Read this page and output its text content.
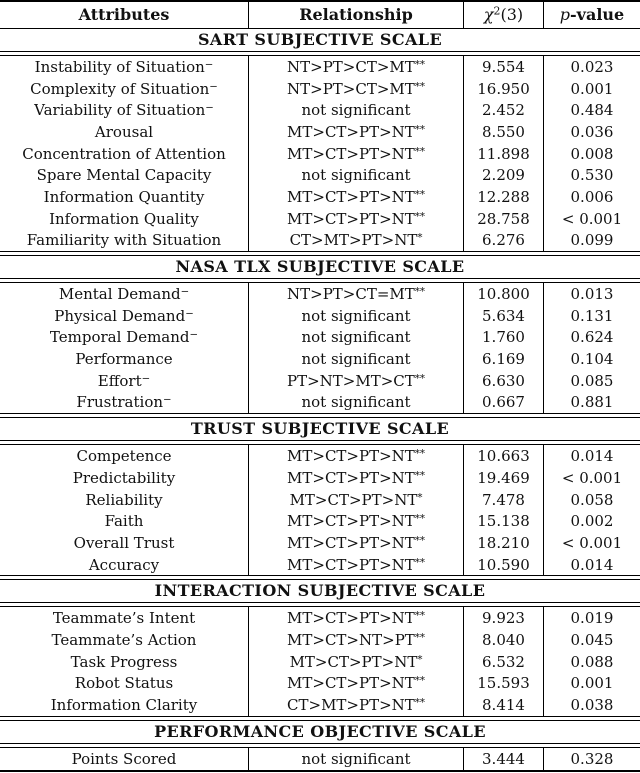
Attributes	Relationship	$\chi^2(3)$ p-value
SART SUBJECTIVE SCALE
Instability of Situation−	NT>PT>CT>MT**	9.554	0.023
Complexity of Situation−	NT>PT>CT>MT**	16.950	0.001
Variability of Situation−	not significant	2.452	0.484
Arousal	MT>CT>PT>NT**	8.550	0.036
Concentration of Attention	MT>CT>PT>NT**	11.898	0.008
Spare Mental Capacity	not significant	2.209	0.530
Information Quantity	MT>CT>PT>NT**	12.288	0.006
Information Quality	MT>CT>PT>NT**	28.758 < 0.001
Familiarity with Situation	CT>MT>PT>NT*	6.276	0.099
NASA TLX SUBJECTIVE SCALE
Mental Demand−	NT>PT>CT=MT**	10.800	0.013
Physical Demand−	not significant	5.634	0.131
Temporal Demand−	not significant	1.760	0.624
Performance	not significant	6.169	0.104
Effort−	PT>NT>MT>CT**	6.630	0.085
Frustration−	not significant	0.667	0.881
TRUST SUBJECTIVE SCALE
Competence	MT>CT>PT>NT**	10.663	0.014
Predictability	MT>CT>PT>NT**	19.469 < 0.001
Reliability	MT>CT>PT>NT*	7.478	0.058
Faith	MT>CT>PT>NT**	15.138	0.002
Overall Trust	MT>CT>PT>NT**	18.210 < 0.001
Accuracy	MT>CT>PT>NT**	10.590	0.014
INTERACTION SUBJECTIVE SCALE
Teammate’s Intent	MT>CT>PT>NT**	9.923	0.019
Teammate’s Action	MT>CT>NT>PT**	8.040	0.045
Task Progress	MT>CT>PT>NT*	6.532	0.088
Robot Status	MT>CT>PT>NT**	15.593	0.001
Information Clarity	CT>MT>PT>NT**	8.414	0.038
PERFORMANCE OBJECTIVE SCALE
Points Scored	not significant	3.444	0.328
